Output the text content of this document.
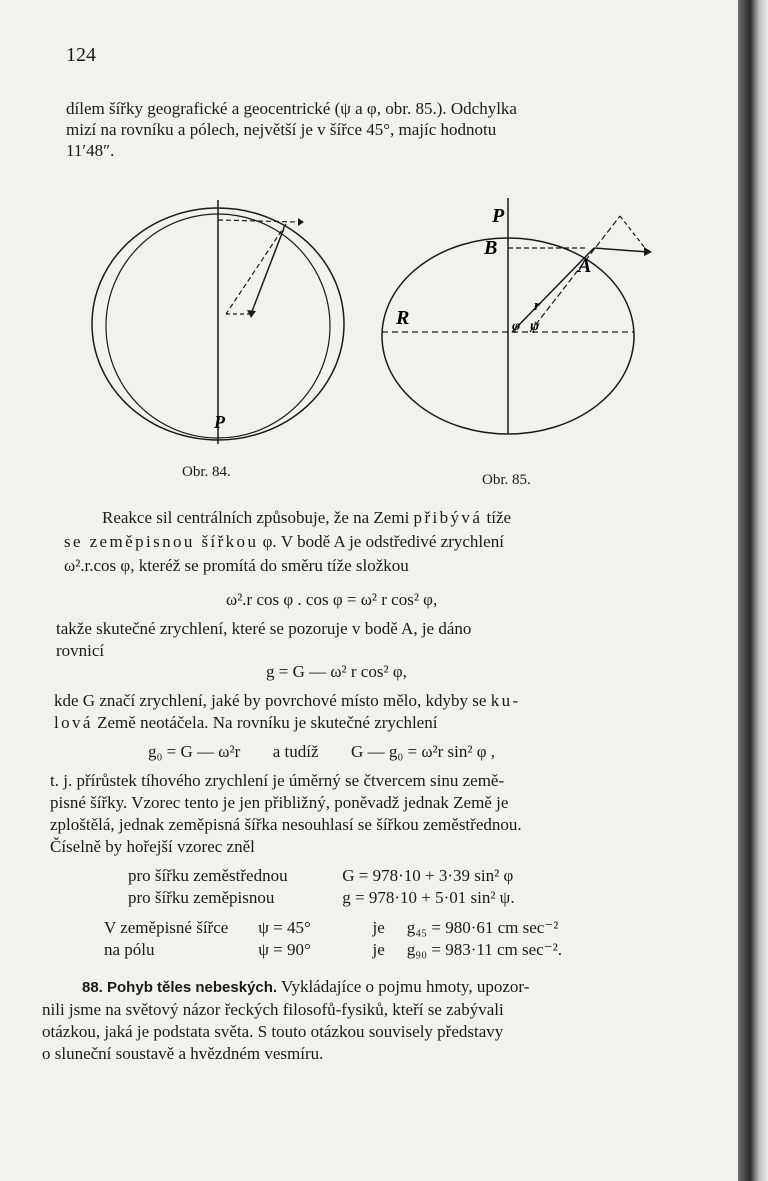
124

dílem šířky geografické a geocentrické (ψ a φ, obr. 85.). Odchylka
mizí na rovníku a pólech, největší je v šířce 45°, majíc hodnotu
11′48″.

P
Obr. 84.
P
B
A
R
r
φ ψ
Obr. 85.

Reakce sil centrálních způsobuje, že na Zemi přibývá tíže
se zeměpisnou šířkou φ. V bodě A je odstředivé zrychlení
ω².r.cos φ, kteréž se promítá do směru tíže složkou

ω².r cos φ . cos φ = ω² r cos² φ,

takže skutečné zrychlení, které se pozoruje v bodě A, je dáno
rovnicí

g = G — ω² r cos² φ,

kde G značí zrychlení, jaké by povrchové místo mělo, kdyby se ku-
lová Země neotáčela. Na rovníku je skutečné zrychlení

g₀ = G — ω²r a tudíž G — g₀ = ω²r sin² φ ,

t. j. přírůstek tíhového zrychlení je úměrný se čtvercem sinu země-
pisné šířky. Vzorec tento je jen přibližný, poněvadž jednak Země je
zploštělá, jednak zeměpisná šířka nesouhlasí se šířkou zeměstřednou.
Číselně by hořejší vzorec zněl

pro šířku zeměstřednou	G = 978·10 + 3·39 sin² φ
pro šířku zeměpisnou	g = 978·10 + 5·01 sin² ψ.
V zeměpisné šířce ψ = 45°	je g₄₅ = 980·61 cm sec⁻²
na pólu	ψ = 90°	je g₉₀ = 983·11 cm sec⁻².

88. Pohyb těles nebeských. Vykládajíce o pojmu hmoty, upozor-
nili jsme na světový názor řeckých filosofů-fysiků, kteří se zabývali
otázkou, jaká je podstata světa. S touto otázkou souvisely představy
o sluneční soustavě a hvězdném vesmíru.
